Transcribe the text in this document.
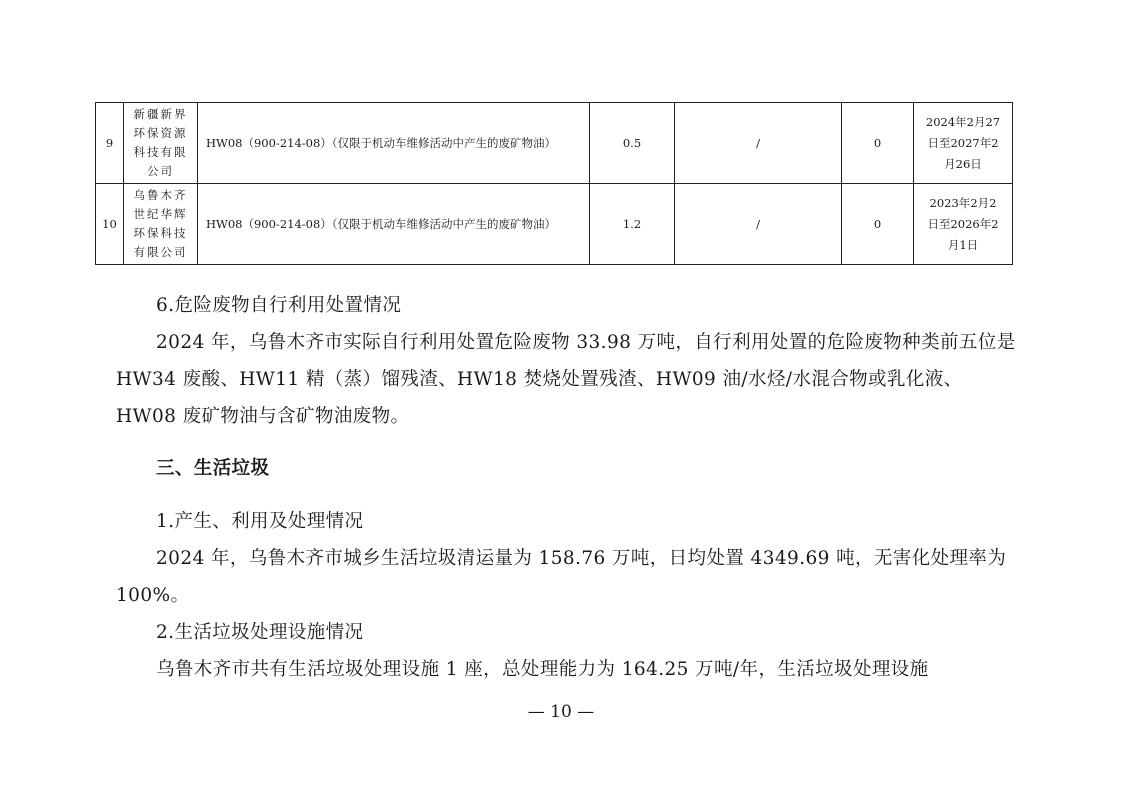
9	新疆新界环保资源科技有限公司	HW08（900-214-08）（仅限于机动车维修活动中产生的废矿物油）	0.5	/	0	2024年2月27
日至2027年2
月26日
10	乌鲁木齐世纪华辉环保科技有限公司	HW08（900-214-08）（仅限于机动车维修活动中产生的废矿物油）	1.2	/	0	2023年2月2
日至2026年2
月1日

6.危险废物自行利用处置情况

2024 年，乌鲁木齐市实际自行利用处置危险废物 33.98 万吨，自行利用处置的危险废物种类前五位是 HW34 废酸、HW11 精（蒸）馏残渣、HW18 焚烧处置残渣、HW09 油/水烃/水混合物或乳化液、HW08 废矿物油与含矿物油废物。

三、生活垃圾

1.产生、利用及处理情况

2024 年，乌鲁木齐市城乡生活垃圾清运量为 158.76 万吨，日均处置 4349.69 吨，无害化处理率为 100%。

2.生活垃圾处理设施情况

乌鲁木齐市共有生活垃圾处理设施 1 座，总处理能力为 164.25 万吨/年，生活垃圾处理设施

— 10 —
